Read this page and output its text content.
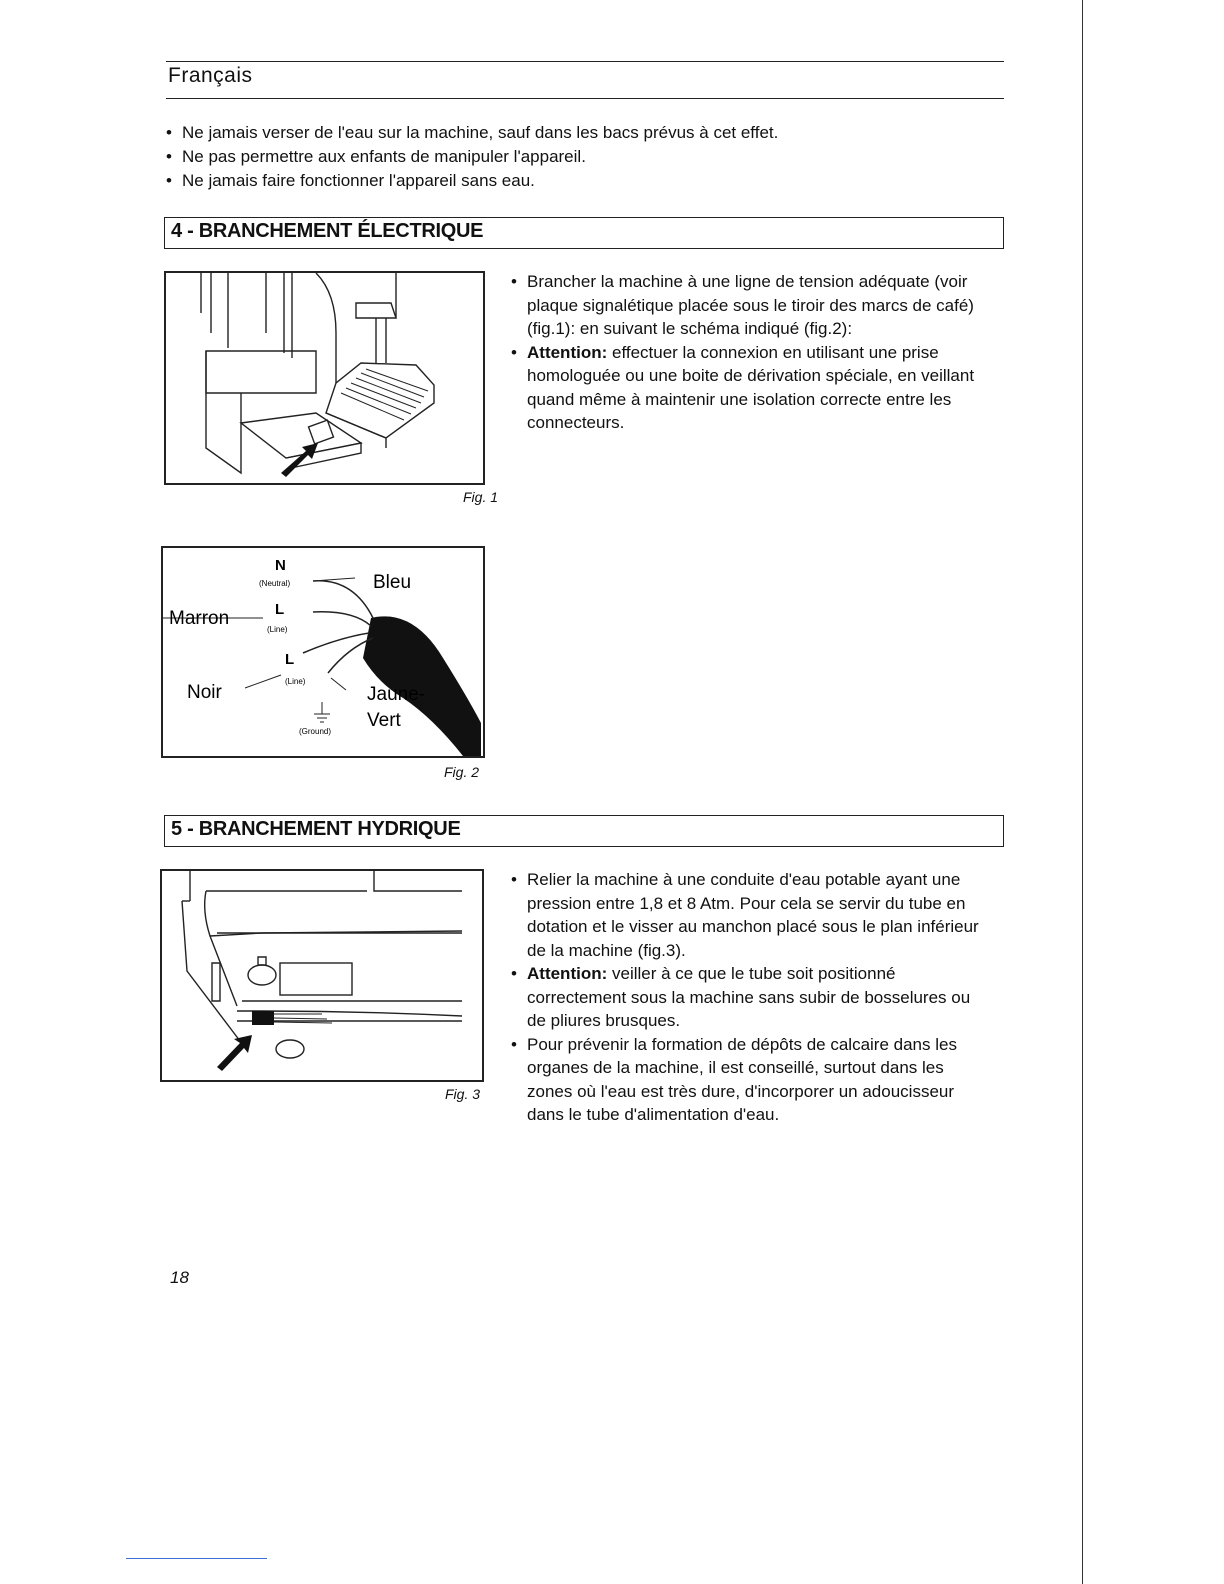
Français
• Ne jamais verser de l'eau sur la machine, sauf dans les bacs prévus à cet effet.
• Ne pas permettre aux enfants de manipuler l'appareil.
• Ne jamais faire fonctionner l'appareil sans eau.
4 - BRANCHEMENT ÉLECTRIQUE
Fig. 1
N
(Neutral)	Bleu
Marron	L
(Line)
L
(Line)
Noir	Jaune-
Vert
(Ground)
Fig. 2
• Brancher la machine à une ligne de tension adéquate (voir plaque signalétique placée sous le tiroir des marcs de café)(fig.1): en suivant le schéma indiqué (fig.2):
• Attention: effectuer la connexion en utilisant une prise homologuée ou une boite de dérivation spéciale, en veillant quand même à maintenir une isolation correcte entre les connecteurs.
5 - BRANCHEMENT HYDRIQUE
Fig. 3
• Relier la machine à une conduite d'eau potable ayant une pression entre 1,8 et 8 Atm. Pour cela se servir du tube en dotation et le visser au manchon placé sous le plan inférieur de la machine (fig.3).
• Attention: veiller à ce que le tube soit positionné correctement sous la machine sans subir de bosselures ou de pliures brusques.
• Pour prévenir la formation de dépôts de calcaire dans les organes de la machine, il est conseillé, surtout dans les zones où l'eau est très dure, d'incorporer un adoucisseur dans le tube d'alimentation d'eau.
18
